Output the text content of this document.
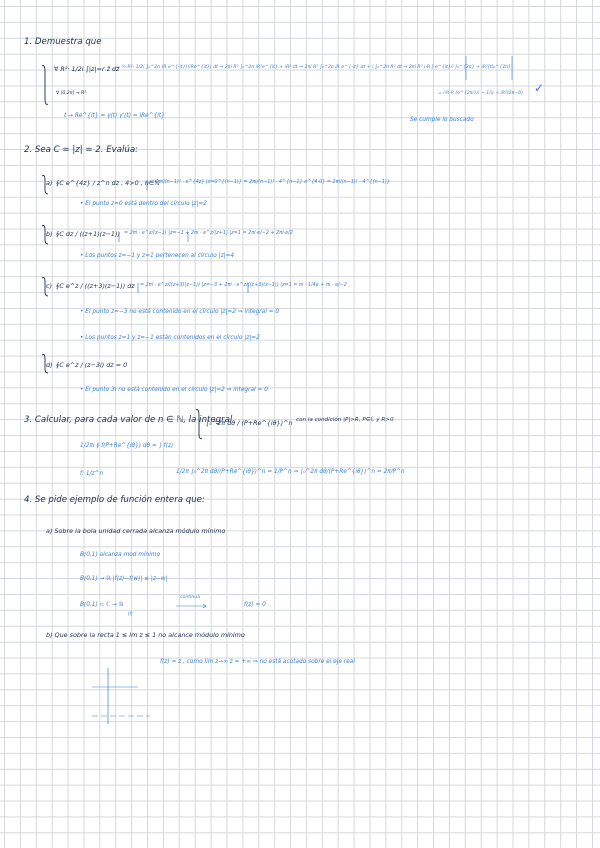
1. Demuestra que
∀ R²· 1/2i ∫|z|=r z̄ dz
= ½·R²· 1/2i ∫₀^2π (R e^{-it})(iRe^{it}) dt ⇒ 2πi R² ∫₀^2π iR²e^{it} + iR² dt ⇒ 2πi R² ∫₀^2π iR e^{-it} dt + i ∫₀^2π R² dt ⇒ 2πi R² i·R [ e^{it}/i ]₀^{2π} + iR²[t]₀^{2π}
∀ [0,2π] → R²	= i·R·R (e^{2πi}/i − 1/i) + iR²(2π−0) ✓
t → Re^{it} = γ(t) γ'(t) = iRe^{it}
Se cumple lo buscado
2. Sea C = |z| = 2. Evalúa:
a) ∮C e^{4z} / z^n dz , 4>0 , n∈ℕ
= 2πi/(n−1)! · e^{4z} |z=0^{(n−1)} = 2πi/(n−1)! · 4^{n−1} e^{4·0} = 2πi/(n−1)! · 4^{(n−1)}
• El punto z=0 está dentro del círculo |z|=2
b) ∮C dz / ((z+1)(z−1)) = 2πi · e^z/(z−1) |z=−1 + 2πi · e^z/(z+1) |z=1 = 2πi·e/−2 + 2πi·e/2
• Los puntos z=−1 y z=1 pertenecen al círculo |z|=4
c) ∮C e^z / ((z+3)(z−1)) dz = 2πi · e^z/((z+3)(z−1)) |z=−3 + 2πi · e^z/((z+3)(z−1)) |z=1 = πi · 1/4e + πi · e/−2
• El punto z=−3 no está contenido en el círculo |z|=2 ⇒ integral = 0
• Los puntos z=1 y z=−1 están contenidos en el círculo |z|=2
d) ∮C e^z / (z−3i) dz = 0
• El punto 3i no está contenido en el círculo |z|=2 ⇒ integral = 0
3. Calcular, para cada valor de n ∈ ℕ, la integral
∫₀^2π dθ / (P+Re^{iθ})^n con la condición |P|>R, P∈ℂ y R>0
1/2πi ∮ f(P+Re^{iθ}) dθ = ∫ f(z)
f: 1/z^n	1/2π ∫₀^2π dθ/(P+Re^{iθ})^n = 1/P^n ⇒ ∫₀^2π dθ/(P+Re^{iθ})^n = 2π/P^n
4. Se pide ejemplo de función entera que:
a) Sobre la bola unidad cerrada alcanza módulo mínimo
B(0,1) alcanza mod mínimo
B(0,1) → ℝ |f(z)−f(w)| ≤ |z−w|
B(0,1) ⊂ ℂ → ℝ
continua
|f|
f(z) = 0
b) Que sobre la recta 1 ≤ Im z ≤ 1 no alcance módulo mínimo
f(z) = z , como lim z→∞ z = +∞ ⇒ no está acotado sobre el eje real
